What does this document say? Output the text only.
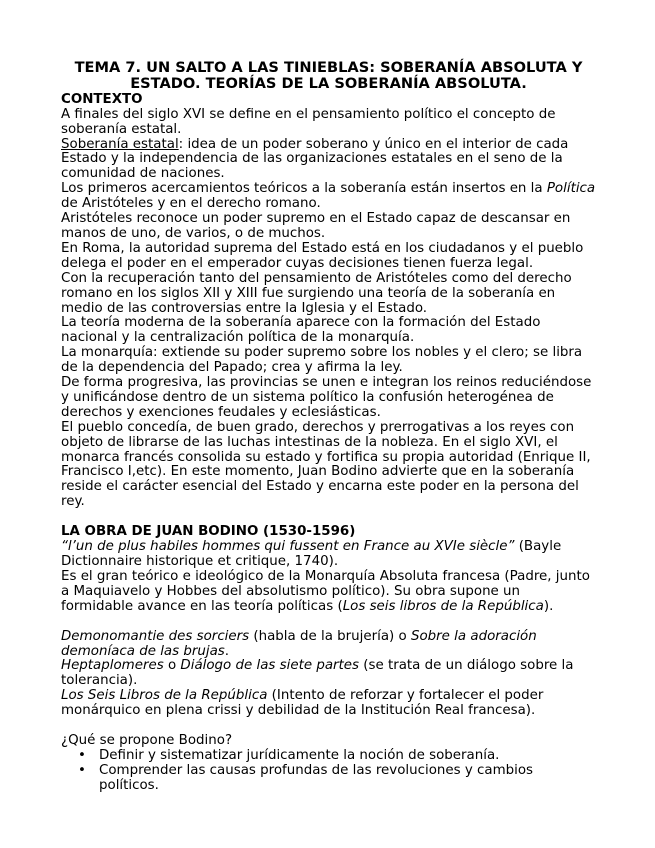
TEMA 7. UN SALTO A LAS TINIEBLAS: SOBERANÍA ABSOLUTA Y ESTADO. TEORÍAS DE LA SOBERANÍA ABSOLUTA.
CONTEXTO

A finales del siglo XVI se define en el pensamiento político el concepto de soberanía estatal.

Soberanía estatal: idea de un poder soberano y único en el interior de cada Estado y la independencia de las organizaciones estatales en el seno de la comunidad de naciones.

Los primeros acercamientos teóricos a la soberanía están insertos en la Política de Aristóteles y en el derecho romano.

Aristóteles reconoce un poder supremo en el Estado capaz de descansar en manos de uno, de varios, o de muchos.

En Roma, la autoridad suprema del Estado está en los ciudadanos y el pueblo delega el poder en el emperador cuyas decisiones tienen fuerza legal.

Con la recuperación tanto del pensamiento de Aristóteles como del derecho romano en los siglos XII y XIII fue surgiendo una teoría de la soberanía en medio de las controversias entre la Iglesia y el Estado.

La teoría moderna de la soberanía aparece con la formación del Estado nacional y la centralización política de la monarquía.

La monarquía: extiende su poder supremo sobre los nobles y el clero; se libra de la dependencia del Papado; crea y afirma la ley.

De forma progresiva, las provincias se unen e integran los reinos reduciéndose y unificándose dentro de un sistema político la confusión heterogénea de derechos y exenciones feudales y eclesiásticas.

El pueblo concedía, de buen grado, derechos y prerrogativas a los reyes con objeto de librarse de las luchas intestinas de la nobleza. En el siglo XVI, el monarca francés consolida su estado y fortifica su propia autoridad (Enrique II, Francisco I,etc). En este momento, Juan Bodino advierte que en la soberanía reside el carácter esencial del Estado y encarna este poder en la persona del rey.

LA OBRA DE JUAN BODINO (1530-1596)

“l’un de plus habiles hommes qui fussent en France au XVIe siècle” (Bayle Dictionnaire historique et critique, 1740).

Es el gran teórico e ideológico de la Monarquía Absoluta francesa (Padre, junto a Maquiavelo y Hobbes del absolutismo político). Su obra supone un formidable avance en las teoría políticas (Los seis libros de la República).

Demonomantie des sorciers (habla de la brujería) o Sobre la adoración demoníaca de las brujas.

Heptaplomeres o Diálogo de las siete partes (se trata de un diálogo sobre la tolerancia).

Los Seis Libros de la República (Intento de reforzar y fortalecer el poder monárquico en plena crissi y debilidad de la Institución Real francesa).

¿Qué se propone Bodino?

• Definir y sistematizar jurídicamente la noción de soberanía.
• Comprender las causas profundas de las revoluciones y cambios políticos.
